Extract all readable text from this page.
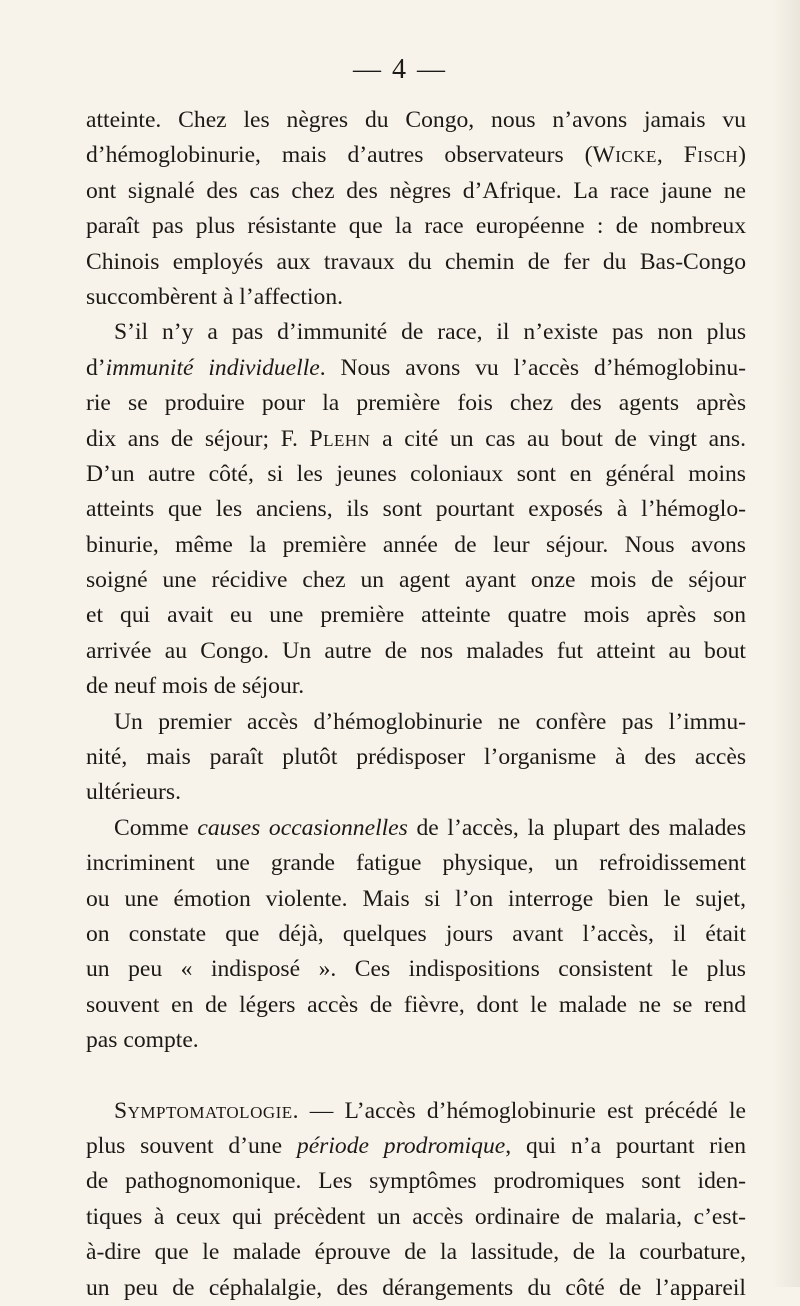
— 4 —
atteinte. Chez les nègres du Congo, nous n’avons jamais vu
d’hémoglobinurie, mais d’autres observateurs (Wicke, Fisch)
ont signalé des cas chez des nègres d’Afrique. La race jaune ne
paraît pas plus résistante que la race européenne : de nombreux
Chinois employés aux travaux du chemin de fer du Bas-Congo
succombèrent à l’affection.
S’il n’y a pas d’immunité de race, il n’existe pas non plus
d’immunité individuelle. Nous avons vu l’accès d’hémoglobinu-
rie se produire pour la première fois chez des agents après
dix ans de séjour; F. Plehn a cité un cas au bout de vingt ans.
D’un autre côté, si les jeunes coloniaux sont en général moins
atteints que les anciens, ils sont pourtant exposés à l’hémoglo-
binurie, même la première année de leur séjour. Nous avons
soigné une récidive chez un agent ayant onze mois de séjour
et qui avait eu une première atteinte quatre mois après son
arrivée au Congo. Un autre de nos malades fut atteint au bout
de neuf mois de séjour.
Un premier accès d’hémoglobinurie ne confère pas l’immu-
nité, mais paraît plutôt prédisposer l’organisme à des accès
ultérieurs.
Comme causes occasionnelles de l’accès, la plupart des malades
incriminent une grande fatigue physique, un refroidissement
ou une émotion violente. Mais si l’on interroge bien le sujet,
on constate que déjà, quelques jours avant l’accès, il était
un peu « indisposé ». Ces indispositions consistent le plus
souvent en de légers accès de fièvre, dont le malade ne se rend
pas compte.
Symptomatologie. — L’accès d’hémoglobinurie est précédé le
plus souvent d’une période prodromique, qui n’a pourtant rien
de pathognomonique. Les symptômes prodromiques sont iden-
tiques à ceux qui précèdent un accès ordinaire de malaria, c’est-
à-dire que le malade éprouve de la lassitude, de la courbature,
un peu de céphalalgie, des dérangements du côté de l’appareil
